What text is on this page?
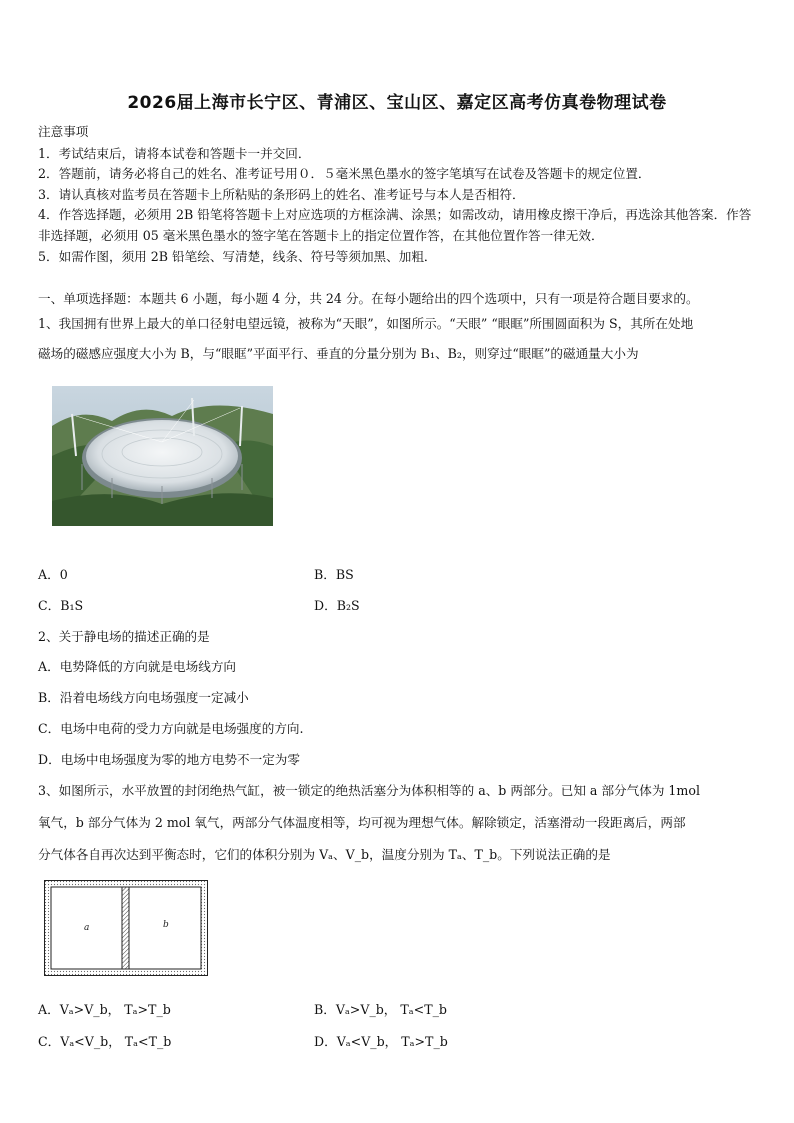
2026届上海市长宁区、青浦区、宝山区、嘉定区高考仿真卷物理试卷
注意事项
1．考试结束后，请将本试卷和答题卡一并交回．
2．答题前，请务必将自己的姓名、准考证号用０．５毫米黑色墨水的签字笔填写在试卷及答题卡的规定位置．
3．请认真核对监考员在答题卡上所粘贴的条形码上的姓名、准考证号与本人是否相符．
4．作答选择题，必须用 2B 铅笔将答题卡上对应选项的方框涂满、涂黑；如需改动，请用橡皮擦干净后，再选涂其他答案．作答非选择题，必须用 05 毫米黑色墨水的签字笔在答题卡上的指定位置作答，在其他位置作答一律无效．
5．如需作图，须用 2B 铅笔绘、写清楚，线条、符号等须加黑、加粗．
一、单项选择题：本题共 6 小题，每小题 4 分，共 24 分。在每小题给出的四个选项中，只有一项是符合题目要求的。
1、我国拥有世界上最大的单口径射电望远镜，被称为“天眼”，如图所示。“天眼” “眼眶”所围圆面积为 S，其所在处地
磁场的磁感应强度大小为 B，与“眼眶”平面平行、垂直的分量分别为 B₁、B₂，则穿过“眼眶”的磁通量大小为
A．0	B．BS
C．B₁S	D．B₂S
2、关于静电场的描述正确的是
A．电势降低的方向就是电场线方向
B．沿着电场线方向电场强度一定减小
C．电场中电荷的受力方向就是电场强度的方向.
D．电场中电场强度为零的地方电势不一定为零
3、如图所示，水平放置的封闭绝热气缸，被一锁定的绝热活塞分为体积相等的 a、b 两部分。已知 a 部分气体为 1mol
氧气，b 部分气体为 2 mol 氧气，两部分气体温度相等，均可视为理想气体。解除锁定，活塞滑动一段距离后，两部
分气体各自再次达到平衡态时，它们的体积分别为 Vₐ、V_b，温度分别为 Tₐ、T_b。下列说法正确的是
a	b
A．Vₐ>V_b， Tₐ>T_b	B．Vₐ>V_b， Tₐ<T_b
C．Vₐ<V_b， Tₐ<T_b	D．Vₐ<V_b， Tₐ>T_b
